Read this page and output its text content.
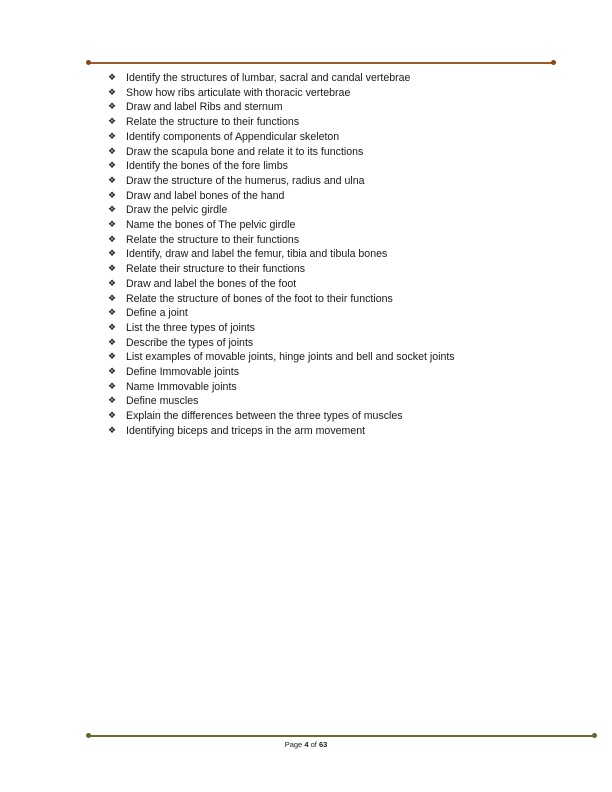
❖ Identify the structures of lumbar, sacral and candal vertebrae
❖ Show how ribs articulate with thoracic vertebrae
❖ Draw and label Ribs and sternum
❖ Relate the structure to their functions
❖ Identify components of Appendicular skeleton
❖ Draw the scapula bone and relate it to its functions
❖ Identify the bones of the fore limbs
❖ Draw the structure of the humerus, radius and ulna
❖ Draw and label bones of the hand
❖ Draw the pelvic girdle
❖ Name the bones of The pelvic girdle
❖ Relate the structure to their functions
❖ Identify, draw and label the femur, tibia and tibula bones
❖ Relate their structure to their functions
❖ Draw and label the bones of the foot
❖ Relate the structure of bones of the foot to their functions
❖ Define a joint
❖ List the three types of joints
❖ Describe the types of joints
❖ List examples of movable joints, hinge joints and bell and socket joints
❖ Define Immovable joints
❖ Name Immovable joints
❖ Define muscles
❖ Explain the differences between the three types of muscles
❖ Identifying biceps and triceps in the arm movement
Page 4 of 63
